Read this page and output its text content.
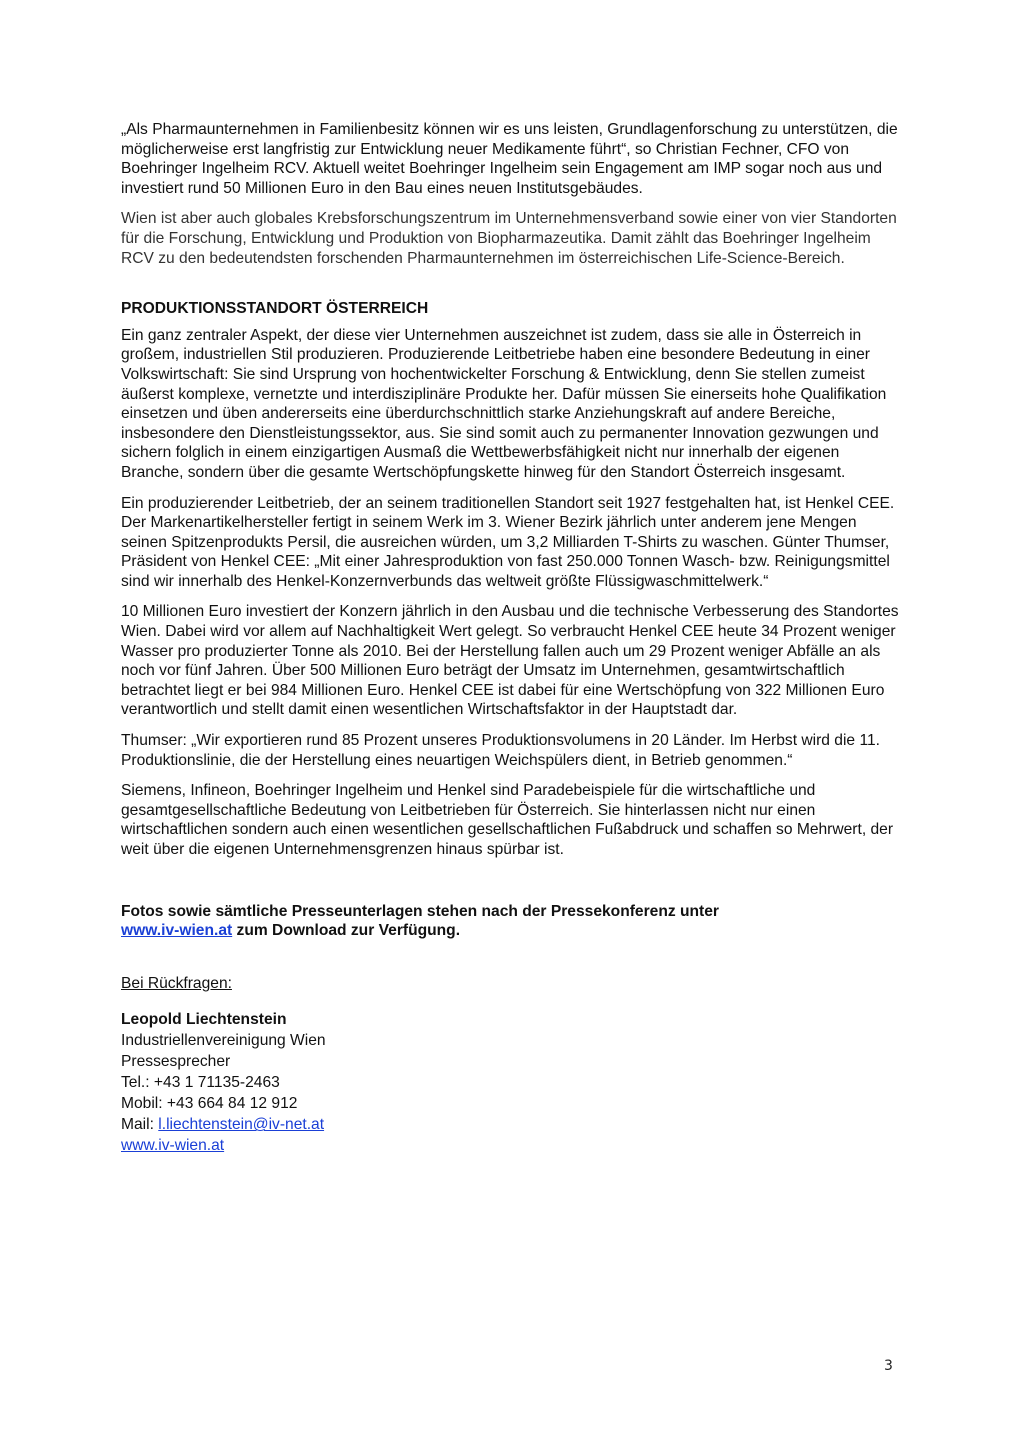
„Als Pharmaunternehmen in Familienbesitz können wir es uns leisten, Grundlagenforschung zu unterstützen, die möglicherweise erst langfristig zur Entwicklung neuer Medikamente führt“, so Christian Fechner, CFO von Boehringer Ingelheim RCV. Aktuell weitet Boehringer Ingelheim sein Engagement am IMP sogar noch aus und investiert rund 50 Millionen Euro in den Bau eines neuen Institutsgebäudes.

Wien ist aber auch globales Krebsforschungszentrum im Unternehmensverband sowie einer von vier Standorten für die Forschung, Entwicklung und Produktion von Biopharmazeutika. Damit zählt das Boehringer Ingelheim RCV zu den bedeutendsten forschenden Pharmaunternehmen im österreichischen Life-Science-Bereich.

PRODUKTIONSSTANDORT ÖSTERREICH

Ein ganz zentraler Aspekt, der diese vier Unternehmen auszeichnet ist zudem, dass sie alle in Österreich in großem, industriellen Stil produzieren. Produzierende Leitbetriebe haben eine besondere Bedeutung in einer Volkswirtschaft: Sie sind Ursprung von hochentwickelter Forschung & Entwicklung, denn Sie stellen zumeist äußerst komplexe, vernetzte und interdisziplinäre Produkte her. Dafür müssen Sie einerseits hohe Qualifikation einsetzen und üben andererseits eine überdurchschnittlich starke Anziehungskraft auf andere Bereiche, insbesondere den Dienstleistungssektor, aus. Sie sind somit auch zu permanenter Innovation gezwungen und sichern folglich in einem einzigartigen Ausmaß die Wettbewerbsfähigkeit nicht nur innerhalb der eigenen Branche, sondern über die gesamte Wertschöpfungskette hinweg für den Standort Österreich insgesamt.

Ein produzierender Leitbetrieb, der an seinem traditionellen Standort seit 1927 festgehalten hat, ist Henkel CEE. Der Markenartikelhersteller fertigt in seinem Werk im 3. Wiener Bezirk jährlich unter anderem jene Mengen seinen Spitzenprodukts Persil, die ausreichen würden, um 3,2 Milliarden T-Shirts zu waschen. Günter Thumser, Präsident von Henkel CEE: „Mit einer Jahresproduktion von fast 250.000 Tonnen Wasch- bzw. Reinigungsmittel sind wir innerhalb des Henkel-Konzernverbunds das weltweit größte Flüssigwaschmittelwerk.“

10 Millionen Euro investiert der Konzern jährlich in den Ausbau und die technische Verbesserung des Standortes Wien. Dabei wird vor allem auf Nachhaltigkeit Wert gelegt. So verbraucht Henkel CEE heute 34 Prozent weniger Wasser pro produzierter Tonne als 2010. Bei der Herstellung fallen auch um 29 Prozent weniger Abfälle an als noch vor fünf Jahren. Über 500 Millionen Euro beträgt der Umsatz im Unternehmen, gesamtwirtschaftlich betrachtet liegt er bei 984 Millionen Euro. Henkel CEE ist dabei für eine Wertschöpfung von 322 Millionen Euro verantwortlich und stellt damit einen wesentlichen Wirtschaftsfaktor in der Hauptstadt dar.

Thumser: „Wir exportieren rund 85 Prozent unseres Produktionsvolumens in 20 Länder. Im Herbst wird die 11. Produktionslinie, die der Herstellung eines neuartigen Weichspülers dient, in Betrieb genommen.“

Siemens, Infineon, Boehringer Ingelheim und Henkel sind Paradebeispiele für die wirtschaftliche und gesamtgesellschaftliche Bedeutung von Leitbetrieben für Österreich. Sie hinterlassen nicht nur einen wirtschaftlichen sondern auch einen wesentlichen gesellschaftlichen Fußabdruck und schaffen so Mehrwert, der weit über die eigenen Unternehmensgrenzen hinaus spürbar ist.

Fotos sowie sämtliche Presseunterlagen stehen nach der Pressekonferenz unter
www.iv-wien.at zum Download zur Verfügung.
Bei Rückfragen:
Leopold Liechtenstein
Industriellenvereinigung Wien
Pressesprecher
Tel.: +43 1 71135-2463
Mobil: +43 664 84 12 912
Mail: l.liechtenstein@iv-net.at
www.iv-wien.at
3
